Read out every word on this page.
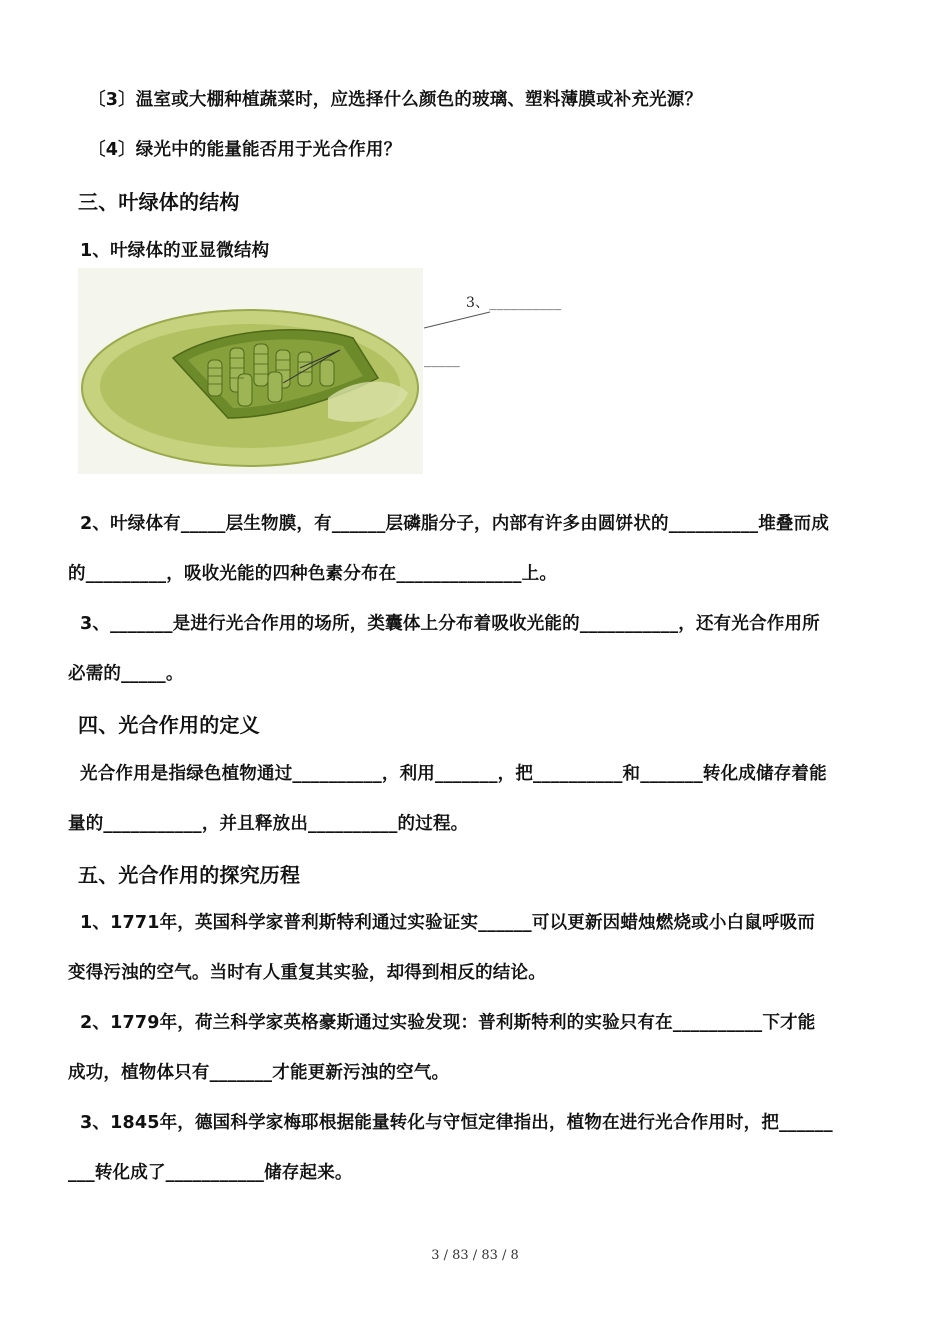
〔3〕温室或大棚种植蔬菜时，应选择什么颜色的玻璃、塑料薄膜或补充光源？
〔4〕绿光中的能量能否用于光合作用？
三、叶绿体的结构
1、叶绿体的亚显微结构
3、__________
_____
2、叶绿体有_____层生物膜，有______层磷脂分子，内部有许多由圆饼状的__________堆叠而成
的_________，吸收光能的四种色素分布在______________上。
3、_______是进行光合作用的场所，类囊体上分布着吸收光能的___________，还有光合作用所
必需的_____。
四、光合作用的定义
光合作用是指绿色植物通过__________，利用_______，把__________和_______转化成储存着能
量的___________，并且释放出__________的过程。
五、光合作用的探究历程
1、1771年，英国科学家普利斯特利通过实验证实______可以更新因蜡烛燃烧或小白鼠呼吸而
变得污浊的空气。当时有人重复其实验，却得到相反的结论。
2、1779年，荷兰科学家英格豪斯通过实验发现：普利斯特利的实验只有在__________下才能
成功，植物体只有_______才能更新污浊的空气。
3、1845年，德国科学家梅耶根据能量转化与守恒定律指出，植物在进行光合作用时，把______
___转化成了___________储存起来。
3 / 83 / 83 / 8
